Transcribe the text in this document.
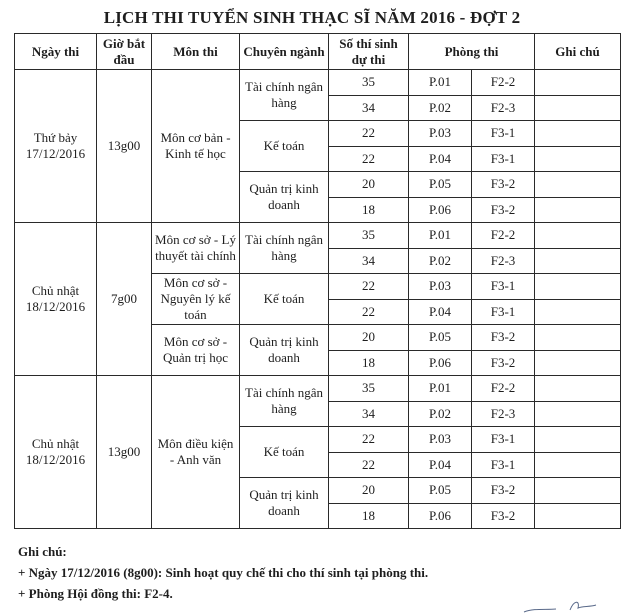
LỊCH THI TUYỂN SINH THẠC SĨ NĂM 2016 - ĐỢT 2
Ngày thi	Giờ bắt đầu	Môn thi	Chuyên ngành	Số thí sinh dự thi	Phòng thi		Ghi chú
Thứ bảy 17/12/2016	13g00	Môn cơ bản - Kinh tế học	Tài chính ngân hàng	35	P.01	F2-2	
				34	P.02	F2-3	
			Kế toán	22	P.03	F3-1	
				22	P.04	F3-1	
			Quản trị kinh doanh	20	P.05	F3-2	
				18	P.06	F3-2	
Chủ nhật 18/12/2016	7g00	Môn cơ sở - Lý thuyết tài chính	Tài chính ngân hàng	35	P.01	F2-2	
				34	P.02	F2-3	
		Môn cơ sở - Nguyên lý kế toán	Kế toán	22	P.03	F3-1	
				22	P.04	F3-1	
		Môn cơ sở - Quản trị học	Quản trị kinh doanh	20	P.05	F3-2	
				18	P.06	F3-2	
Chủ nhật 18/12/2016	13g00	Môn điều kiện - Anh văn	Tài chính ngân hàng	35	P.01	F2-2	
				34	P.02	F2-3	
			Kế toán	22	P.03	F3-1	
				22	P.04	F3-1	
			Quản trị kinh doanh	20	P.05	F3-2	
				18	P.06	F3-2	
Ghi chú:
+ Ngày 17/12/2016 (8g00): Sinh hoạt quy chế thi cho thí sinh tại phòng thi.
+ Phòng Hội đồng thi: F2-4.
